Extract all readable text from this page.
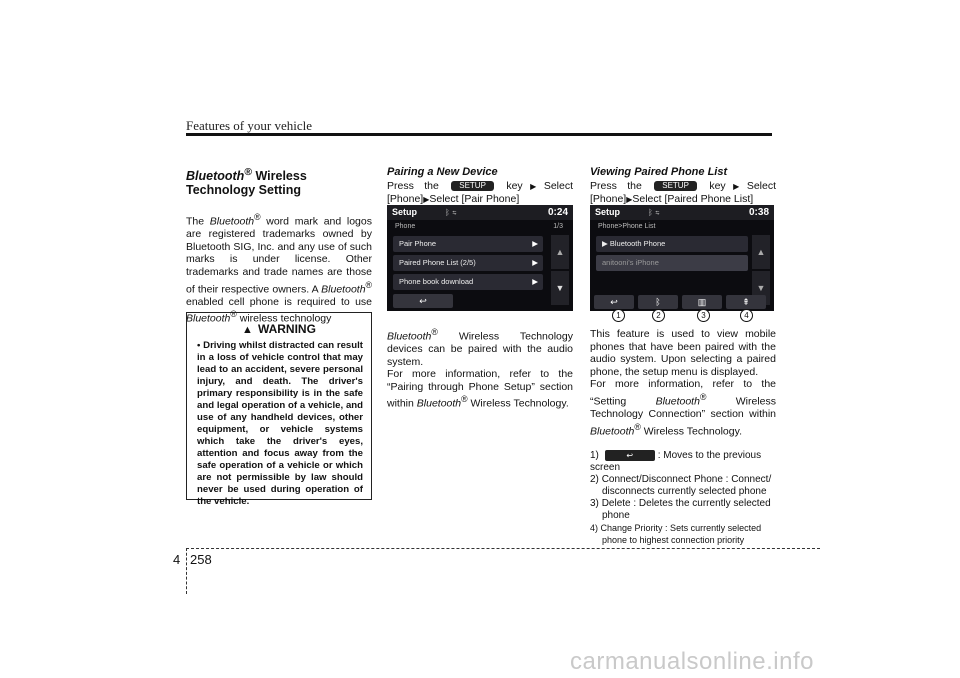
Features of your vehicle
Bluetooth® Wireless Technology Setting

The Bluetooth® word mark and logos are registered trademarks owned by Bluetooth SIG, Inc. and any use of such marks is under license. Other trademarks and trade names are those of their respective owners. A Bluetooth® enabled cell phone is required to use Bluetooth® wireless technology

▲ WARNING
• Driving whilst distracted can result in a loss of vehicle control that may lead to an accident, severe personal injury, and death. The driver's primary responsibility is in the safe and legal operation of a vehicle, and use of any handheld devices, other equipment, or vehicle systems which take the driver's eyes, attention and focus away from the safe operation of a vehicle or which are not permissible by law should never be used during operation of the vehicle.
Pairing a New Device

Press the	SETUP key▶Select [Phone]▶Select [Pair Phone]

Setup	ᛒ ⇆	0:24
Phone	1/3
Pair Phone	▶
Paired Phone List (2/5)	▶
Phone book download	▶
▲
▼
↩

Bluetooth® Wireless Technology devices can be paired with the audio system.

For more information, refer to the “Pairing through Phone Setup” section within Bluetooth® Wireless Technology.

Viewing Paired Phone List

Press the	SETUP key▶Select [Phone]▶Select [Paired Phone List]

Setup	ᛒ ⇆	0:38
Phone>Phone List
▶ Bluetooth Phone
anitooni's iPhone
▲
▼
↩	ᛒ	▥	⇞
1	2	3	4

This feature is used to view mobile phones that have been paired with the audio system. Upon selecting a paired phone, the setup menu is displayed.

For more information, refer to the “Setting Bluetooth® Wireless Technology Connection” section within Bluetooth® Wireless Technology.

1)	↩ : Moves to the previous screen
2) Connect/Disconnect Phone : Connect/ disconnects currently selected phone
3) Delete : Deletes the currently selected phone
4) Change Priority : Sets currently selected phone to highest connection priority
4 258
carmanualsonline.info
